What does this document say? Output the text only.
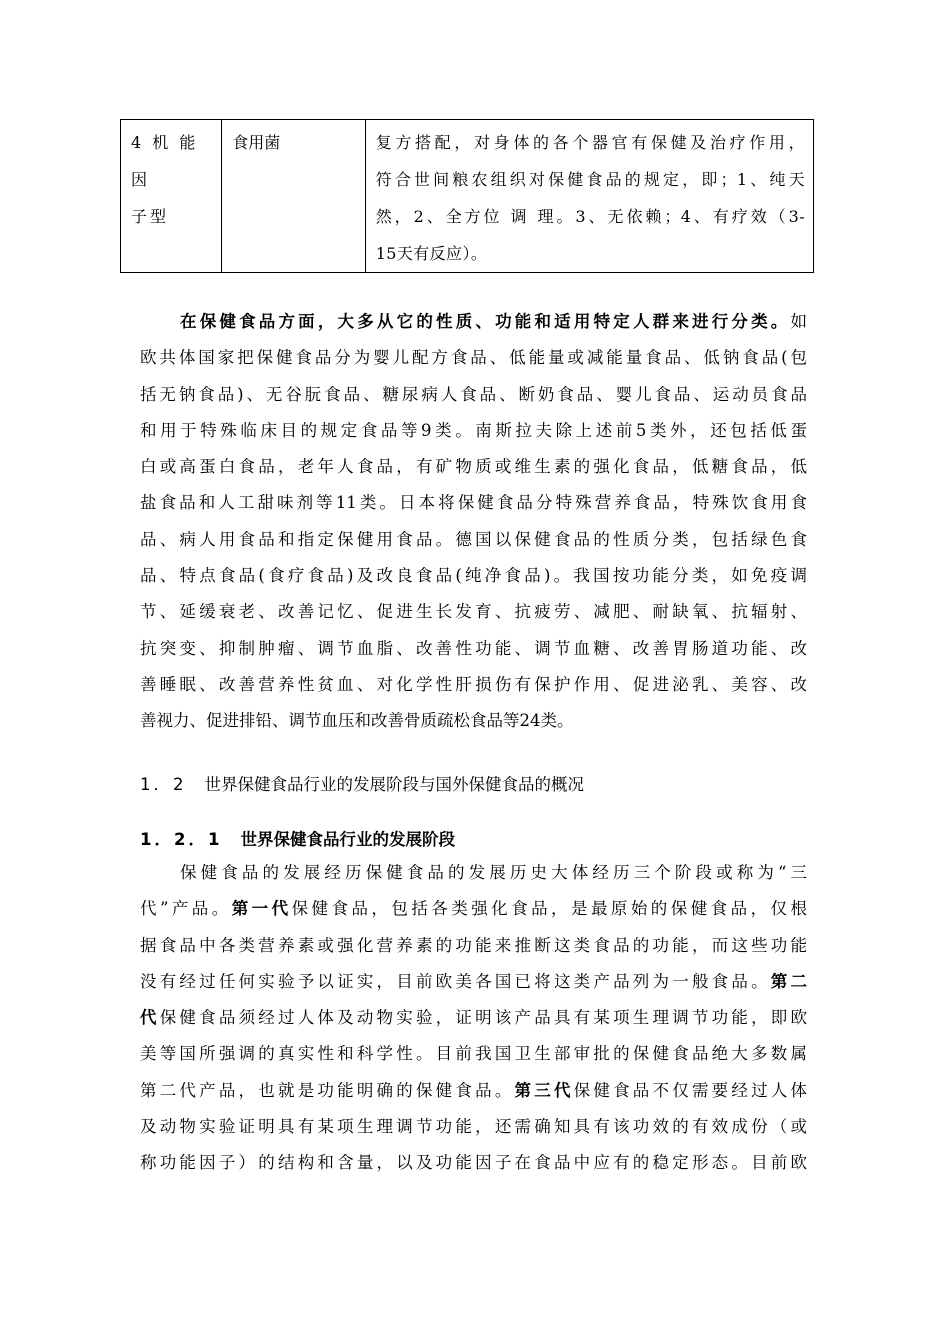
4 机 能 因
子型
	食用菌	复方搭配，对身体的各个器官有保健及治疗作用，
符合世间粮农组织对保健食品的规定，即；1、纯天
然，2、全方位 调 理。3、无依赖；4、有疗效（3-
15天有反应）。
在保健食品方面，大多从它的性质、功能和适用特定人群来进行分类。如
欧共体国家把保健食品分为婴儿配方食品、低能量或减能量食品、低钠食品(包
括无钠食品)、无谷朊食品、糖尿病人食品、断奶食品、婴儿食品、运动员食品
和用于特殊临床目的规定食品等9类。南斯拉夫除上述前5类外，还包括低蛋
白或高蛋白食品，老年人食品，有矿物质或维生素的强化食品，低糖食品，低
盐食品和人工甜味剂等11类。日本将保健食品分特殊营养食品，特殊饮食用食
品、病人用食品和指定保健用食品。德国以保健食品的性质分类，包括绿色食
品、特点食品(食疗食品)及改良食品(纯净食品)。我国按功能分类，如免疫调
节、延缓衰老、改善记忆、促进生长发育、抗疲劳、减肥、耐缺氧、抗辐射、
抗突变、抑制肿瘤、调节血脂、改善性功能、调节血糖、改善胃肠道功能、改
善睡眠、改善营养性贫血、对化学性肝损伤有保护作用、促进泌乳、美容、改
善视力、促进排铅、调节血压和改善骨质疏松食品等24类。
1．2 世界保健食品行业的发展阶段与国外保健食品的概况
1．2．1 世界保健食品行业的发展阶段
保健食品的发展经历保健食品的发展历史大体经历三个阶段或称为“三
代”产品。第一代保健食品，包括各类强化食品，是最原始的保健食品，仅根
据食品中各类营养素或强化营养素的功能来推断这类食品的功能，而这些功能
没有经过任何实验予以证实，目前欧美各国已将这类产品列为一般食品。第二
代保健食品须经过人体及动物实验，证明该产品具有某项生理调节功能，即欧
美等国所强调的真实性和科学性。目前我国卫生部审批的保健食品绝大多数属
第二代产品，也就是功能明确的保健食品。第三代保健食品不仅需要经过人体
及动物实验证明具有某项生理调节功能，还需确知具有该功效的有效成份（或
称功能因子）的结构和含量，以及功能因子在食品中应有的稳定形态。目前欧
